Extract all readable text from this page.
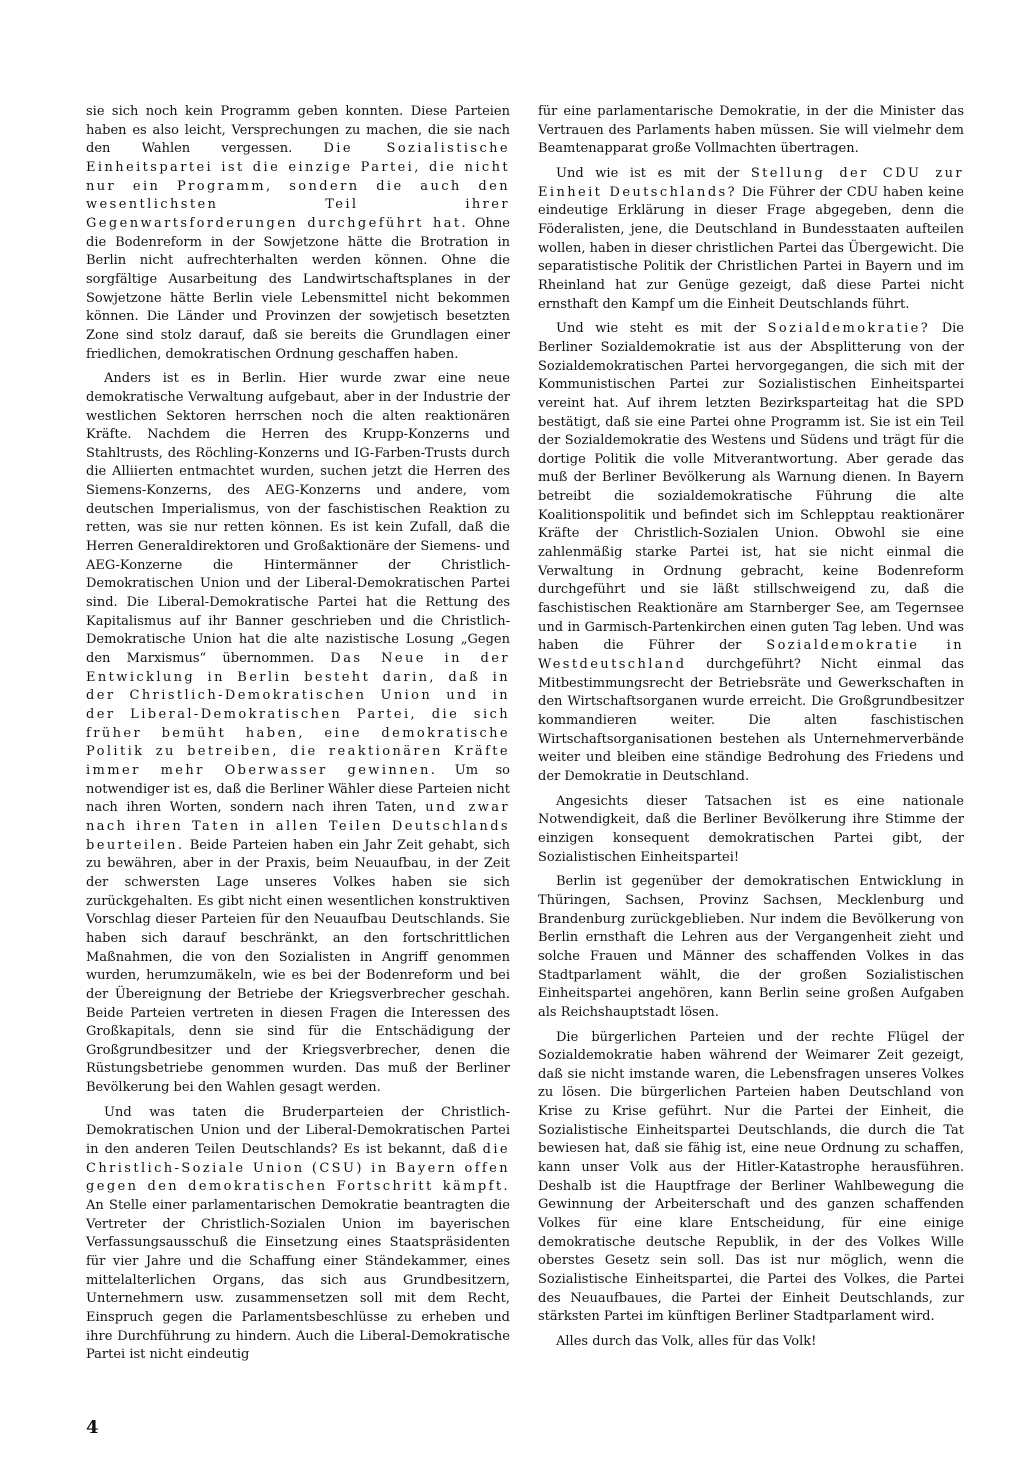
sie sich noch kein Programm geben konnten. Diese Parteien haben es also leicht, Versprechungen zu machen, die sie nach den Wahlen vergessen. Die Sozialistische Einheitspartei ist die einzige Partei, die nicht nur ein Programm, sondern die auch den wesentlichsten Teil ihrer Gegenwartsforderungen durchgeführt hat. Ohne die Bodenreform in der Sowjetzone hätte die Brotration in Berlin nicht aufrechterhalten werden können. Ohne die sorgfältige Ausarbeitung des Landwirtschaftsplanes in der Sowjetzone hätte Berlin viele Lebensmittel nicht bekommen können. Die Länder und Provinzen der sowjetisch besetzten Zone sind stolz darauf, daß sie bereits die Grundlagen einer friedlichen, demokratischen Ordnung geschaffen haben.

Anders ist es in Berlin. Hier wurde zwar eine neue demokratische Verwaltung aufgebaut, aber in der Industrie der westlichen Sektoren herrschen noch die alten reaktionären Kräfte. Nachdem die Herren des Krupp-Konzerns und Stahltrusts, des Röchling-Konzerns und IG-Farben-Trusts durch die Alliierten entmachtet wurden, suchen jetzt die Herren des Siemens-Konzerns, des AEG-Konzerns und andere, vom deutschen Imperialismus, von der faschistischen Reaktion zu retten, was sie nur retten können. Es ist kein Zufall, daß die Herren Generaldirektoren und Großaktionäre der Siemens- und AEG-Konzerne die Hintermänner der Christlich-Demokratischen Union und der Liberal-Demokratischen Partei sind. Die Liberal-Demokratische Partei hat die Rettung des Kapitalismus auf ihr Banner geschrieben und die Christlich-Demokratische Union hat die alte nazistische Losung „Gegen den Marxismus“ übernommen. Das Neue in der Entwicklung in Berlin besteht darin, daß in der Christlich-Demokratischen Union und in der Liberal-Demokratischen Partei, die sich früher bemüht haben, eine demokratische Politik zu betreiben, die reaktionären Kräfte immer mehr Oberwasser gewinnen. Um so notwendiger ist es, daß die Berliner Wähler diese Parteien nicht nach ihren Worten, sondern nach ihren Taten, und zwar nach ihren Taten in allen Teilen Deutschlands beurteilen. Beide Parteien haben ein Jahr Zeit gehabt, sich zu bewähren, aber in der Praxis, beim Neuaufbau, in der Zeit der schwersten Lage unseres Volkes haben sie sich zurückgehalten. Es gibt nicht einen wesentlichen konstruktiven Vorschlag dieser Parteien für den Neuaufbau Deutschlands. Sie haben sich darauf beschränkt, an den fortschrittlichen Maßnahmen, die von den Sozialisten in Angriff genommen wurden, herumzumäkeln, wie es bei der Bodenreform und bei der Übereignung der Betriebe der Kriegsverbrecher geschah. Beide Parteien vertreten in diesen Fragen die Interessen des Großkapitals, denn sie sind für die Entschädigung der Großgrundbesitzer und der Kriegsverbrecher, denen die Rüstungsbetriebe genommen wurden. Das muß der Berliner Bevölkerung bei den Wahlen gesagt werden.

Und was taten die Bruderparteien der Christlich-Demokratischen Union und der Liberal-Demokratischen Partei in den anderen Teilen Deutschlands? Es ist bekannt, daß die Christlich-Soziale Union (CSU) in Bayern offen gegen den demokratischen Fortschritt kämpft. An Stelle einer parlamentarischen Demokratie beantragten die Vertreter der Christlich-Sozialen Union im bayerischen Verfassungsausschuß die Einsetzung eines Staatspräsidenten für vier Jahre und die Schaffung einer Ständekammer, eines mittelalterlichen Organs, das sich aus Grundbesitzern, Unternehmern usw. zusammensetzen soll mit dem Recht, Einspruch gegen die Parlamentsbeschlüsse zu erheben und ihre Durchführung zu hindern. Auch die Liberal-Demokratische Partei ist nicht eindeutig

für eine parlamentarische Demokratie, in der die Minister das Vertrauen des Parlaments haben müssen. Sie will vielmehr dem Beamtenapparat große Vollmachten übertragen.

Und wie ist es mit der Stellung der CDU zur Einheit Deutschlands? Die Führer der CDU haben keine eindeutige Erklärung in dieser Frage abgegeben, denn die Föderalisten, jene, die Deutschland in Bundesstaaten aufteilen wollen, haben in dieser christlichen Partei das Übergewicht. Die separatistische Politik der Christlichen Partei in Bayern und im Rheinland hat zur Genüge gezeigt, daß diese Partei nicht ernsthaft den Kampf um die Einheit Deutschlands führt.

Und wie steht es mit der Sozialdemokratie? Die Berliner Sozialdemokratie ist aus der Absplitterung von der Sozialdemokratischen Partei hervorgegangen, die sich mit der Kommunistischen Partei zur Sozialistischen Einheitspartei vereint hat. Auf ihrem letzten Bezirksparteitag hat die SPD bestätigt, daß sie eine Partei ohne Programm ist. Sie ist ein Teil der Sozialdemokratie des Westens und Südens und trägt für die dortige Politik die volle Mitverantwortung. Aber gerade das muß der Berliner Bevölkerung als Warnung dienen. In Bayern betreibt die sozialdemokratische Führung die alte Koalitionspolitik und befindet sich im Schlepptau reaktionärer Kräfte der Christlich-Sozialen Union. Obwohl sie eine zahlenmäßig starke Partei ist, hat sie nicht einmal die Verwaltung in Ordnung gebracht, keine Bodenreform durchgeführt und sie läßt stillschweigend zu, daß die faschistischen Reaktionäre am Starnberger See, am Tegernsee und in Garmisch-Partenkirchen einen guten Tag leben. Und was haben die Führer der Sozialdemokratie in Westdeutschland durchgeführt? Nicht einmal das Mitbestimmungsrecht der Betriebsräte und Gewerkschaften in den Wirtschaftsorganen wurde erreicht. Die Großgrundbesitzer kommandieren weiter. Die alten faschistischen Wirtschaftsorganisationen bestehen als Unternehmerverbände weiter und bleiben eine ständige Bedrohung des Friedens und der Demokratie in Deutschland.

Angesichts dieser Tatsachen ist es eine nationale Notwendigkeit, daß die Berliner Bevölkerung ihre Stimme der einzigen konsequent demokratischen Partei gibt, der Sozialistischen Einheitspartei!

Berlin ist gegenüber der demokratischen Entwicklung in Thüringen, Sachsen, Provinz Sachsen, Mecklenburg und Brandenburg zurückgeblieben. Nur indem die Bevölkerung von Berlin ernsthaft die Lehren aus der Vergangenheit zieht und solche Frauen und Männer des schaffenden Volkes in das Stadtparlament wählt, die der großen Sozialistischen Einheitspartei angehören, kann Berlin seine großen Aufgaben als Reichshauptstadt lösen.

Die bürgerlichen Parteien und der rechte Flügel der Sozialdemokratie haben während der Weimarer Zeit gezeigt, daß sie nicht imstande waren, die Lebensfragen unseres Volkes zu lösen. Die bürgerlichen Parteien haben Deutschland von Krise zu Krise geführt. Nur die Partei der Einheit, die Sozialistische Einheitspartei Deutschlands, die durch die Tat bewiesen hat, daß sie fähig ist, eine neue Ordnung zu schaffen, kann unser Volk aus der Hitler-Katastrophe herausführen. Deshalb ist die Hauptfrage der Berliner Wahlbewegung die Gewinnung der Arbeiterschaft und des ganzen schaffenden Volkes für eine klare Entscheidung, für eine einige demokratische deutsche Republik, in der des Volkes Wille oberstes Gesetz sein soll. Das ist nur möglich, wenn die Sozialistische Einheitspartei, die Partei des Volkes, die Partei des Neuaufbaues, die Partei der Einheit Deutschlands, zur stärksten Partei im künftigen Berliner Stadtparlament wird.

Alles durch das Volk, alles für das Volk!

4
